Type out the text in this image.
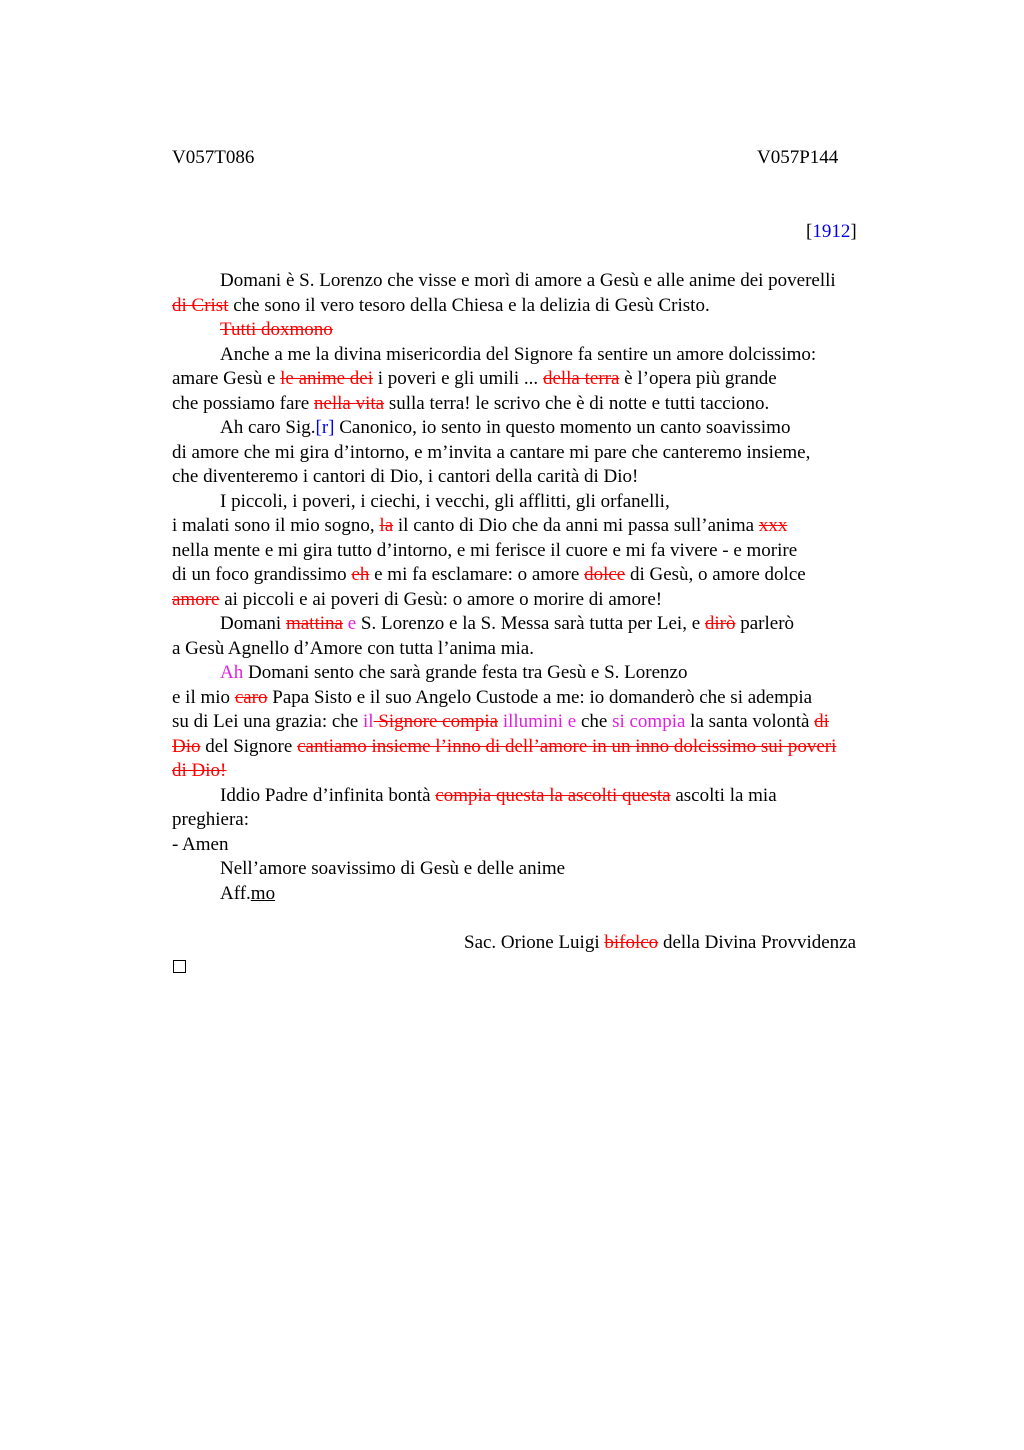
V057T086	V057P144
[1912]
Domani è S. Lorenzo che visse e morì di amore a Gesù e alle anime dei poverelli
di Crist che sono il vero tesoro della Chiesa e la delizia di Gesù Cristo.
Tutti doxmono
Anche a me la divina misericordia del Signore fa sentire un amore dolcissimo:
amare Gesù e le anime dei i poveri e gli umili ... della terra è l’opera più grande
che possiamo fare nella vita sulla terra! le scrivo che è di notte e tutti tacciono.
Ah caro Sig.[r] Canonico, io sento in questo momento un canto soavissimo
di amore che mi gira d’intorno, e m’invita a cantare mi pare che canteremo insieme,
che diventeremo i cantori di Dio, i cantori della carità di Dio!
I piccoli, i poveri, i ciechi, i vecchi, gli afflitti, gli orfanelli,
i malati sono il mio sogno, la il canto di Dio che da anni mi passa sull’anima xxx
nella mente e mi gira tutto d’intorno, e mi ferisce il cuore e mi fa vivere - e morire
di un foco grandissimo eh e mi fa esclamare: o amore dolce di Gesù, o amore dolce
amore ai piccoli e ai poveri di Gesù: o amore o morire di amore!
Domani mattina e S. Lorenzo e la S. Messa sarà tutta per Lei, e dirò parlerò
a Gesù Agnello d’Amore con tutta l’anima mia.
Ah Domani sento che sarà grande festa tra Gesù e S. Lorenzo
e il mio caro Papa Sisto e il suo Angelo Custode a me: io domanderò che si adempia
su di Lei una grazia: che il Signore compia illumini e che si compia la santa volontà di
Dio del Signore cantiamo insieme l’inno di dell’amore in un inno dolcissimo sui poveri
di Dio!
Iddio Padre d’infinita bontà compia questa la ascolti questa ascolti la mia
preghiera:
- Amen
Nell’amore soavissimo di Gesù e delle anime
Aff.mo
Sac. Orione Luigi bifolco della Divina Provvidenza
